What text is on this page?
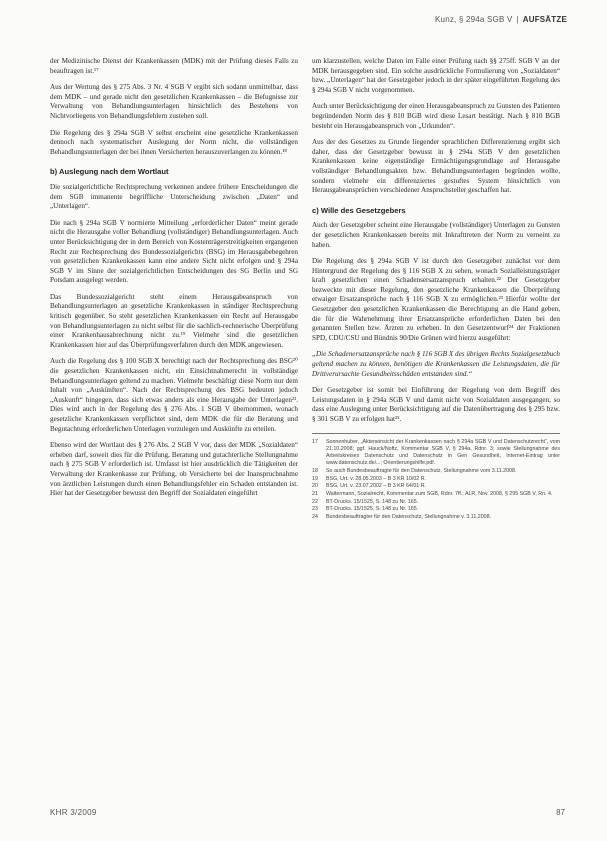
Kunz, § 294a SGB V | AUFSÄTZE

der Medizinische Dienst der Krankenkassen (MDK) mit der Prüfung dieses Falls zu beauftragen ist.¹⁷

Aus der Wertung des § 275 Abs. 3 Nr. 4 SGB V ergibt sich sodann unmittelbar, dass dem MDK – und gerade nicht den gesetzlichen Krankenkassen – die Befugnisse zur Verwaltung von Behandlungsunterlagen hinsichtlich des Bestehens von Nichtvorliegens von Behandlungsfehlern zustehen soll.

Die Regelung des § 294a SGB V selbst erscheint eine gesetzliche Krankenkassen dennoch nach systematischer Auslegung der Norm nicht, die vollständigen Behandlungsunterlagen der bei ihnen Versicherten herauszuverlangen zu können.¹⁸

b) Auslegung nach dem Wortlaut

Die sozialgerichtliche Rechtsprechung verkennen andere frühere Entscheidungen die dem SGB immanente begriffliche Unterscheidung zwischen „Daten“ und „Unterlagen“.

Die nach § 294a SGB V normierte Mitteilung „erforderlicher Daten“ meint gerade nicht die Herausgabe voller Behandlung (vollständiger) Behandlungsunterlagen. Auch unter Berücksichtigung der in dem Bereich von Kostenträgerstreitigkeiten ergangenen Recht zur Rechtsprechung des Bundessozialgerichts (BSG) im Herausgabebegehren von gesetzlichen Krankenkassen kann eine andere Sicht nicht erfolgen und § 294a SGB V im Sinne der sozialgerichtlichen Entscheidungen des SG Berlin und SG Potsdam ausgelegt werden.

Das Bundessozialgericht steht einem Herausgabeanspruch von Behandlungsunterlagen an gesetzliche Krankenkassen in ständiger Rechtsprechung kritisch gegenüber. So steht gesetzlichen Krankenkassen ein Recht auf Herausgabe von Behandlungsunterlagen zu nicht selbst für die sachlich-rechnerische Überprüfung einer Krankenhausabrechnung nicht zu.¹⁹ Vielmehr sind die gesetzlichen Krankenkassen hier auf das Überprüfungsverfahren durch den MDK angewiesen.

Auch die Regelung des § 100 SGB X berechtigt nach der Rechtsprechung des BSG²⁰ die gesetzlichen Krankenkassen nicht, ein Einsichtnahmerecht in vollständige Behandlungsunterlagen geltend zu machen. Vielmehr beschäftigt diese Norm nur dem Inhalt von „Auskünften“. Nach der Rechtsprechung des BSG bedeuten jedoch „Auskunft“ hingegen, dass sich etwas anders als eine Herausgabe der Unterlagen²¹. Dies wird auch in der Regelung des § 276 Abs. 1 SGB V übernommen, wonach gesetzliche Krankenkassen verpflichtet sind, dem MDK die für die Beratung und Begutachtung erforderlichen Unterlagen vorzulegen und Auskünfte zu erteilen.

Ebenso wird der Wortlaut des § 276 Abs. 2 SGB V vor, dass der MDK „Sozialdaten“ erheben darf, soweit dies für die Prüfung, Beratung und gutachterliche Stellungnahme nach § 275 SGB V erforderlich ist. Umfasst ist hier ausdrücklich die Tätigkeiten der Verwaltung der Krankenkasse zur Prüfung, ob Versicherte bei der Inanspruchnahme von ärztlichen Leistungen durch einen Behandlungsfehler ein Schaden entstanden ist. Hier hat der Gesetzgeber bewusst den Begriff der Sozialdaten eingeführt

um klarzustellen, welche Daten im Falle einer Prüfung nach §§ 275ff. SGB V an der MDK herausgegeben sind. Ein solche ausdrückliche Formulierung von „Sozialdaten“ bzw. „Unterlagen“ hat der Gesetzgeber jedoch in der später eingeführten Regelung des § 294a SGB V nicht vorgenommen.

Auch unter Berücksichtigung der einen Herausgabeanspruch zu Gunsten des Patienten begründenden Norm des § 810 BGB wird diese Lesart bestätigt. Nach § 810 BGB besteht ein Herausgabeanspruch von „Urkunden“.

Aus der des Gesetzes zu Grunde liegender sprachlichen Differenzierung ergibt sich daher, dass der Gesetzgeber bewusst in § 294a SGB V den gesetzlichen Krankenkassen keine eigenständige Ermächtigungsgrundlage auf Herausgabe vollständiger Behandlungsakten bzw. Behandlungsunterlagen begründen wollte, sondern vielmehr ein differenziertes gestuftes System hinsichtlich von Herausgabeansprüchen verschiedener Anspruchsteller geschaffen hat.

c) Wille des Gesetzgebers

Auch der Gesetzgeber scheint eine Herausgabe (vollständiger) Unterlagen zu Gunsten der gesetzlichen Krankenkassen bereits mit Inkrafttreten der Norm zu verneint zu haben.

Die Regelung des § 294a SGB V ist durch den Gesetzgeber zunächst vor dem Hintergrund der Regelung des § 116 SGB X zu sehen, wonach Sozialleistungsträger kraft gesetzlichen einen Schadensersatzanspruch erhalten.²² Der Gesetzgeber bezweckte mit dieser Regelung, den gesetzliche Krankenkassen die Überprüfung etwaiger Ersatzansprüche nach § 116 SGB X zu ermöglichen.²³ Hierfür wollte der Gesetzgeber den gesetzlichen Krankenkassen die Berechtigung an die Hand geben, die für die Wahrnehmung ihrer Ersatzansprüche erforderlichen Daten bei den genannten Stellen bzw. Ärzten zu erheben. In den Gesetzentwurf²⁴ der Fraktionen SPD, CDU/CSU und Bündnis 90/Die Grünen wird hierzu ausgeführt:

„Die Schadenersatzansprüche nach § 116 SGB X des übrigen Rechts Sozialgesetzbuch geltend machen zu können, benötigen die Krankenkassen die Leistungsdaten, die für Drittverursachte Gesundheitsschäden entstanden sind.“

Der Gesetzgeber ist somit bei Einführung der Regelung von dem Begriff des Leistungsdaten in § 294a SGB V und damit nicht von Sozialdaten ausgegangen, so dass eine Auslegung unter Berücksichtigung auf die Datenübertragung des § 295 bzw. § 301 SGB V zu erfolgen hat²⁵.

17	Sonnenhuber, „Akteneinsicht der Krankenkassen nach § 294a SGB V und Datenschutzrecht“, vom 21.10.2008; ggf. Hauck/Noftz, Kommentar SGB V, § 294a, Rdnr. 3; sowie Stellungnahme des Arbeitskreises Datenschutz und Datenschutz in Gen Gesundheit, Internet-Eintrag unter www.datenschutz.de/...; Orientierungshilfe.pdf.
18	So auch Bundesbeauftragte für den Datenschutz, Stellungnahme vom 3.11.2008.
19	BSG, Urt. v. 28.05.2003 – B 3 KR 10/02 R.
20	BSG, Urt. v. 23.07.2002 – B 3 KR 64/01 R.
21	Waltermann, Sozialrecht, Kommentar zum SGB, Rdnr. 7ff.; ALR, Nov. 2008, § 295 SGB V, Rn. 4.
22	BT-Drucks. 15/1525, S. 148 zu Nr. 165.
23	BT-Drucks. 15/1525, S. 148 zu Nr. 165.
24	Bundesbeauftragter für den Datenschutz, Stellungnahme v. 3.11.2008.
KHR 3/2009	87
